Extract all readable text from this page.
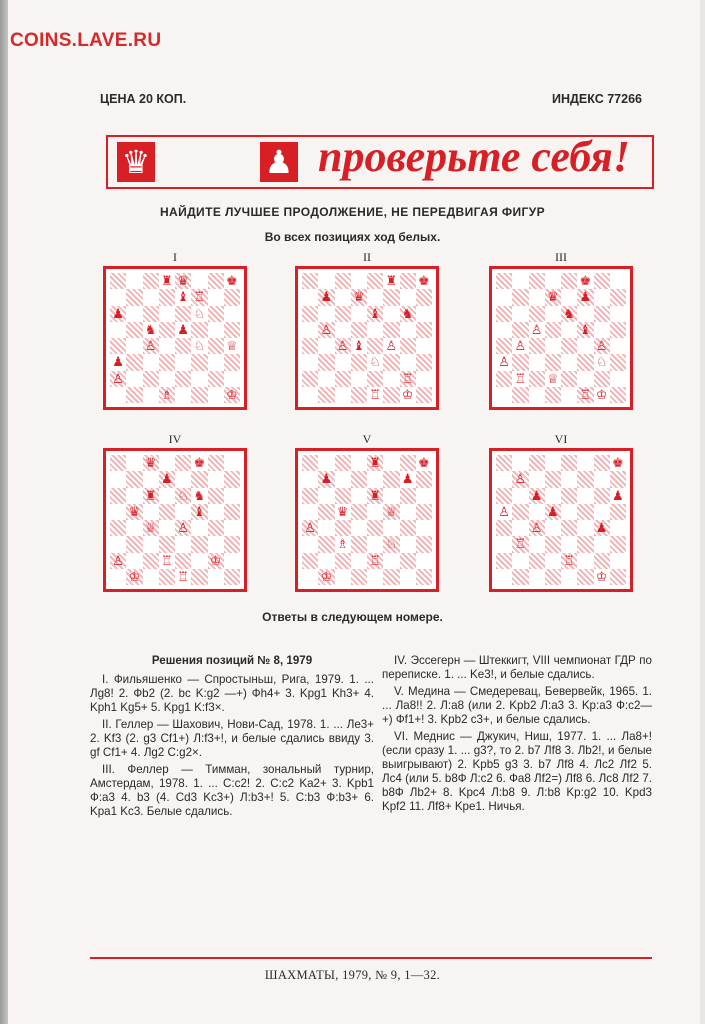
COINS.LAVE.RU
ЦЕНА 20 КОП.	ИНДЕКС 77266
♛	♟ проверьте себя!
НАЙДИТЕ ЛУЧШЕЕ ПРОДОЛЖЕНИЕ, НЕ ПЕРЕДВИГАЯ ФИГУР
Во всех позициях ход белых.
I
♜ ♛	♚
♝ ♖
♟	♘
♞ ♟
♙	♘ ♕
♟
♙
♗	♔
II
♜ ♚
♟ ♛
♝ ♞
♙
♙ ♝ ♙
♘
♖
♖ ♔
III
♚
♛ ♟
♞
♙	♝
♙	♙
♙	♘
♖ ♕
♖ ♔
IV
♛	♚
♟
♜ ♘ ♞
♛	♝
♕ ♙
♙	♖	♔
♔	♖
V
♜	♚
♟	♟
♜
♛	♕
♙
♗	♘
♖
♔
VI
♚
♙
♟	♟
♙	♟
♙	♟
♖
♖
♔
Ответы в следующем номере.
Решения позиций № 8, 1979

I. Фильяшенко — Спростыньш, Рига, 1979. 1. ... Лg8! 2. Фb2 (2. bc K:g2 —+) Фh4+ 3. Kpg1 Kh3+ 4. Kph1 Kg5+ 5. Kpg1 K:f3×.

II. Геллер — Шахович, Нови-Сад, 1978. 1. ... Ле3+ 2. Kf3 (2. g3 Cf1+) Л:f3+!, и белые сдались ввиду 3. gf Cf1+ 4. Лg2 C:g2×.

III. Феллер — Тимман, зональный турнир, Амстердам, 1978. 1. ... C:c2! 2. C:c2 Ka2+ 3. Kpb1 Ф:a3 4. b3 (4. Cd3 Kc3+) Л:b3+! 5. C:b3 Ф:b3+ 6. Kpa1 Kc3. Белые сдались.

IV. Эссегерн — Штеккигт, VIII чемпионат ГДР по переписке. 1. ... Ke3!, и белые сдались.

V. Медина — Смедеревац, Бевервейк, 1965. 1. ... Лa8!! 2. Л:a8 (или 2. Kpb2 Л:a3 3. Kp:a3 Ф:c2—+) Фf1+! 3. Kpb2 c3+, и белые сдались.

VI. Меднис — Джукич, Ниш, 1977. 1. ... Лa8+! (если сразу 1. ... g3?, то 2. b7 Лf8 3. Лb2!, и белые выигрывают) 2. Kpb5 g3 3. b7 Лf8 4. Лc2 Лf2 5. Лc4 (или 5. b8Ф Л:c2 6. Фa8 Лf2=) Лf8 6. Лc8 Лf2 7. b8Ф Лb2+ 8. Kpc4 Л:b8 9. Л:b8 Kp:g2 10. Kpd3 Kpf2 11. Лf8+ Kpe1. Ничья.

ШАХМАТЫ, 1979, № 9, 1—32.
